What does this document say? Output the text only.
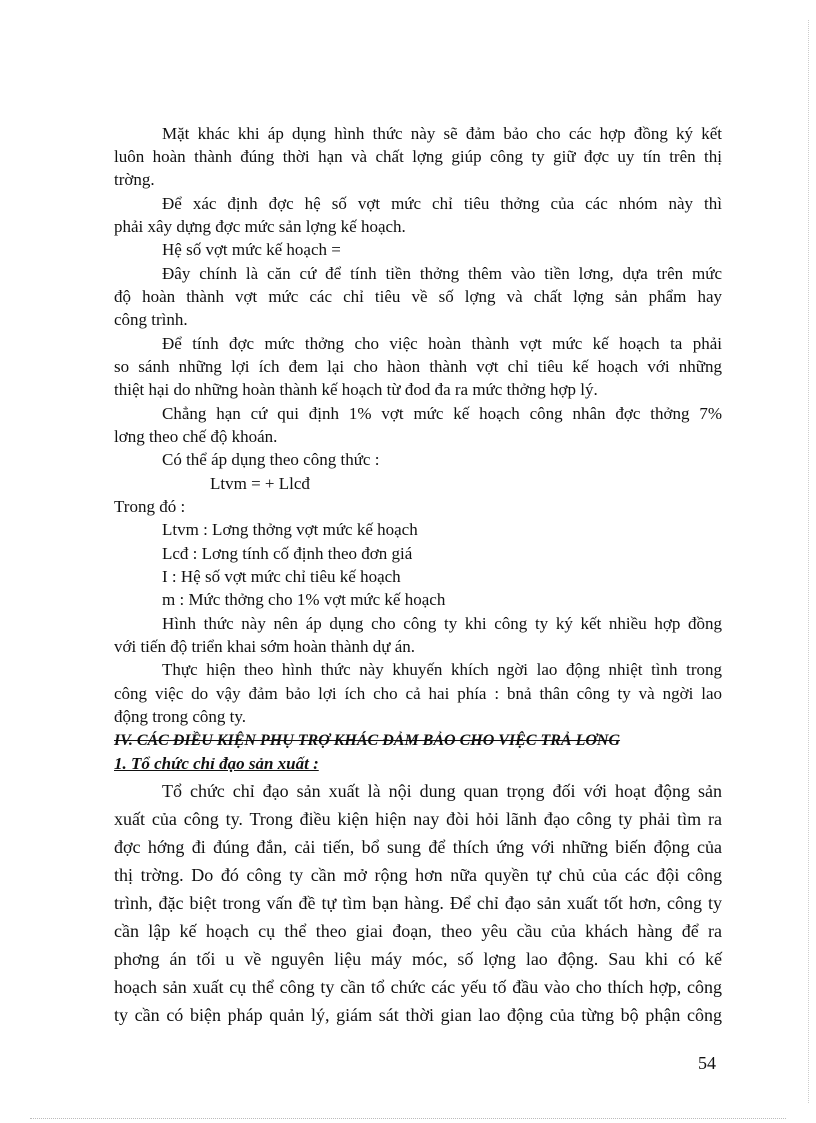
Mặt khác khi áp dụng hình thức này sẽ đảm bảo cho các hợp đồng ký kết
luôn hoàn thành đúng thời hạn và chất lợng giúp công ty giữ đợc uy tín trên thị
trờng.
Để xác định đợc hệ số vợt mức chỉ tiêu thởng của các nhóm này thì
phải xây dựng đợc mức sản lợng kế hoạch.
Hệ số vợt mức kế hoạch =
Đây chính là căn cứ để tính tiền thởng thêm vào tiền lơng, dựa trên mức
độ hoàn thành vợt mức các chỉ tiêu về số lợng và chất lợng sản phẩm hay
công trình.
Để tính đợc mức thởng cho việc hoàn thành vợt mức kế hoạch ta phải
so sánh những lợi ích đem lại cho hàon thành vợt chỉ tiêu kế hoạch với những
thiệt hại do những hoàn thành kế hoạch từ đod đa ra mức thởng hợp lý.
Chẳng hạn cứ qui định 1% vợt mức kế hoạch công nhân đợc thởng 7%
lơng theo chế độ khoán.
Có thể áp dụng theo công thức :
Ltvm = + Llcđ
Trong đó :
Ltvm : Lơng thởng vợt mức kế hoạch
Lcđ : Lơng tính cố định theo đơn giá
I : Hệ số vợt mức chỉ tiêu kế hoạch
m : Mức thởng cho 1% vợt mức kế hoạch
Hình thức này nên áp dụng cho công ty khi công ty ký kết nhiều hợp đồng
với tiến độ triển khai sớm hoàn thành dự án.
Thực hiện theo hình thức này khuyến khích ngời lao động nhiệt tình trong
công việc do vậy đảm bảo lợi ích cho cả hai phía : bnả thân công ty và ngời lao
động trong công ty.
IV. CÁC ĐIỀU KIỆN PHỤ TRỢ KHÁC ĐẢM BẢO CHO VIỆC TRẢ LƠNG
1. Tổ chức chỉ đạo sản xuất :
Tổ chức chỉ đạo sản xuất là nội dung quan trọng đối với hoạt động sản
xuất của công ty. Trong điều kiện hiện nay đòi hỏi lãnh đạo công ty phải tìm ra
đợc hớng đi đúng đắn, cải tiến, bổ sung để thích ứng với những biến động của
thị trờng. Do đó công ty cần mở rộng hơn nữa quyền tự chủ của các đội công
trình, đặc biệt trong vấn đề tự tìm bạn hàng. Để chỉ đạo sản xuất tốt hơn, công ty
cần lập kế hoạch cụ thể theo giai đoạn, theo yêu cầu của khách hàng để ra
phơng án tối u về nguyên liệu máy móc, số lợng lao động. Sau khi có kế
hoạch sản xuất cụ thể công ty cần tổ chức các yếu tố đầu vào cho thích hợp, công
ty cần có biện pháp quản lý, giám sát thời gian lao động của từng bộ phận công
54
